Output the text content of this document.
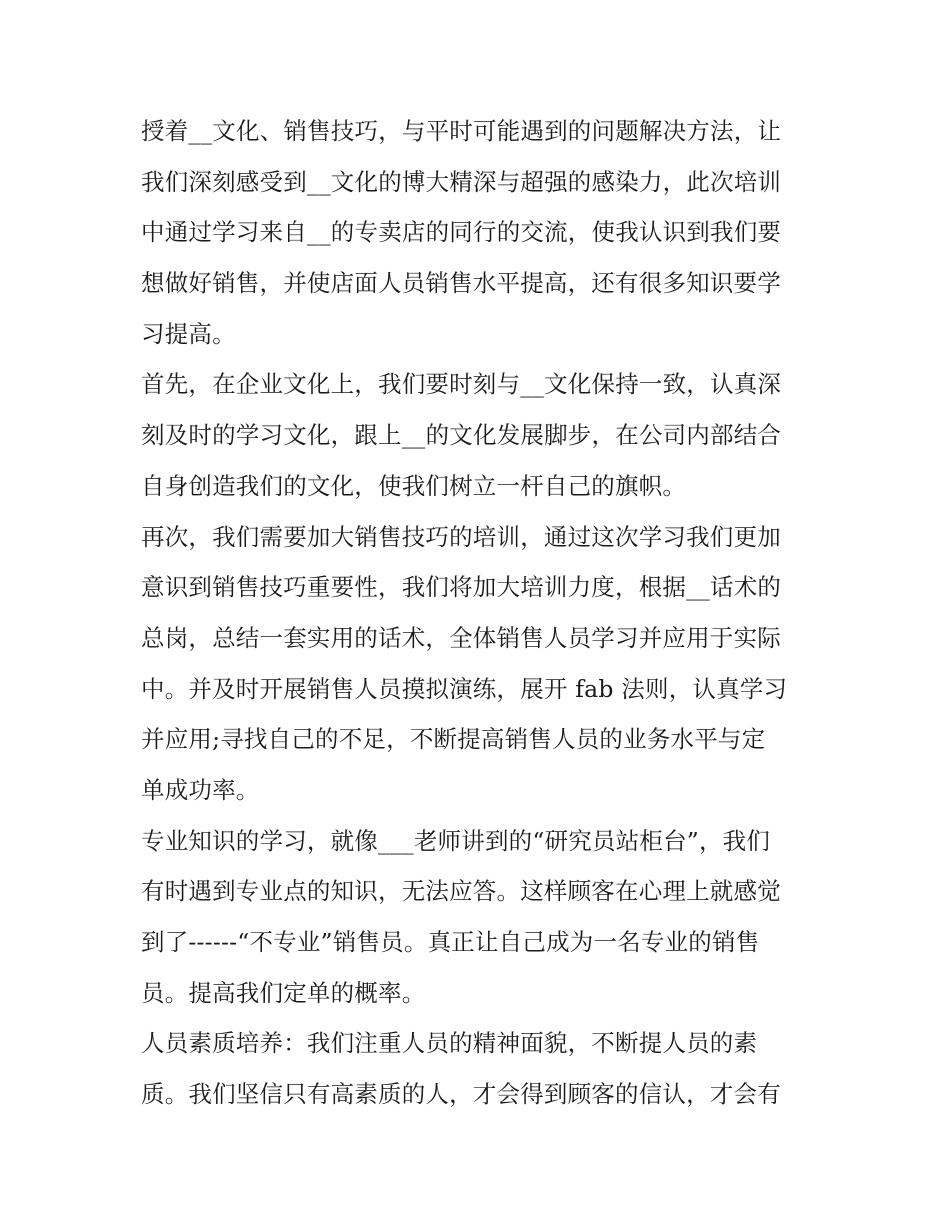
授着__文化、销售技巧，与平时可能遇到的问题解决方法，让
我们深刻感受到__文化的博大精深与超强的感染力，此次培训
中通过学习来自__的专卖店的同行的交流，使我认识到我们要
想做好销售，并使店面人员销售水平提高，还有很多知识要学
习提高。

首先，在企业文化上，我们要时刻与__文化保持一致，认真深
刻及时的学习文化，跟上__的文化发展脚步，在公司内部结合
自身创造我们的文化，使我们树立一杆自己的旗帜。

再次，我们需要加大销售技巧的培训，通过这次学习我们更加
意识到销售技巧重要性，我们将加大培训力度，根据__话术的
总岗，总结一套实用的话术，全体销售人员学习并应用于实际
中。并及时开展销售人员摸拟演练，展开 fab 法则，认真学习
并应用;寻找自己的不足，不断提高销售人员的业务水平与定
单成功率。

专业知识的学习，就像___老师讲到的“研究员站柜台”，我们
有时遇到专业点的知识，无法应答。这样顾客在心理上就感觉
到了------“不专业”销售员。真正让自己成为一名专业的销售
员。提高我们定单的概率。

人员素质培养：我们注重人员的精神面貌，不断提人员的素
质。我们坚信只有高素质的人，才会得到顾客的信认，才会有
